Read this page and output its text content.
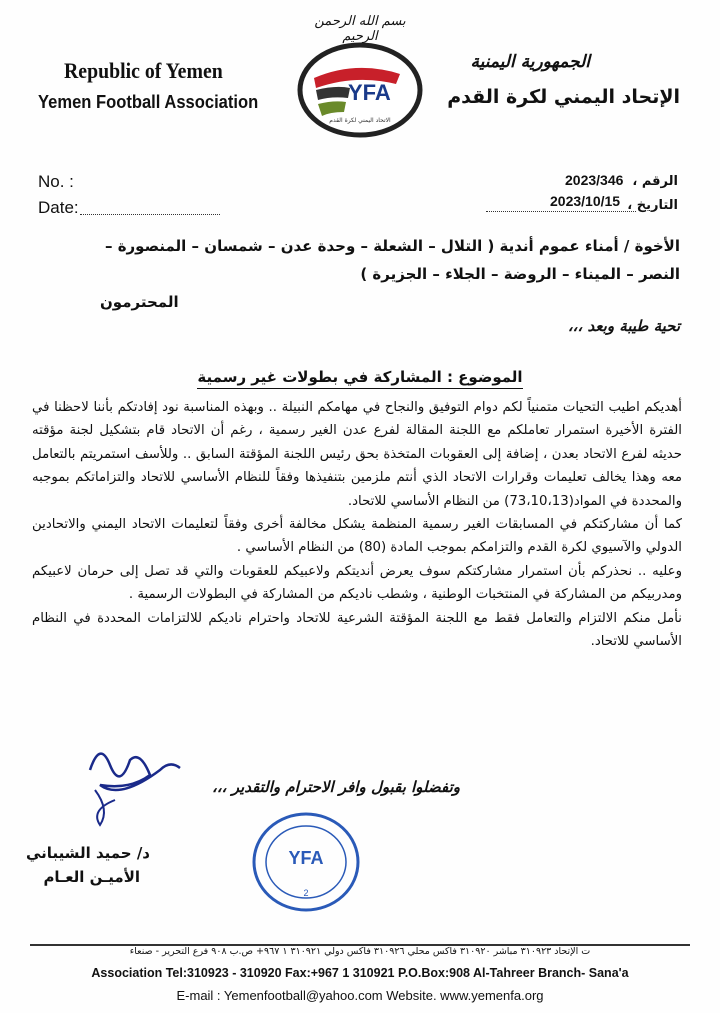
بسم الله الرحمن الرحيم
Republic of Yemen
Yemen Football Association
الجمهورية اليمنية
الإتحاد اليمني لكرة القدم
YFA
الاتحاد اليمني لكرة القدم
No. :
Date:
الرقم ،
التاريخ ،
2023/346
2023/10/15
الأخوة / أمناء عموم أندية ( التلال – الشعلة – وحدة عدن – شمسان – المنصورة –
النصر – الميناء – الروضة – الجلاء – الجزيرة )
المحترمون
تحية طيبة وبعد ،،،
الموضوع : المشاركة في بطولات غير رسمية

أهديكم اطيب التحيات متمنياً لكم دوام التوفيق والنجاح في مهامكم النبيلة .. وبهذه المناسبة نود إفادتكم بأننا لاحظنا في الفترة الأخيرة استمرار تعاملكم مع اللجنة المقالة لفرع عدن الغير رسمية ، رغم أن الاتحاد قام بتشكيل لجنة مؤقته حديثه لفرع الاتحاد بعدن ، إضافة إلى العقوبات المتخذة بحق رئيس اللجنة المؤقتة السابق .. وللأسف استمريتم بالتعامل معه وهذا يخالف تعليمات وقرارات الاتحاد الذي أنتم ملزمين بتنفيذها وفقاً للنظام الأساسي للاتحاد والتزاماتكم بموجبه والمحددة في المواد(73،10،13) من النظام الأساسي للاتحاد.

كما أن مشاركتكم في المسابقات الغير رسمية المنظمة يشكل مخالفة أخرى وفقاً لتعليمات الاتحاد اليمني والاتحادين الدولي والآسيوي لكرة القدم والتزامكم بموجب المادة (80) من النظام الأساسي .

وعليه .. نحذركم بأن استمرار مشاركتكم سوف يعرض أنديتكم ولاعبيكم للعقوبات والتي قد تصل إلى حرمان لاعبيكم ومدربيكم من المشاركة في المنتخبات الوطنية ، وشطب ناديكم من المشاركة في البطولات الرسمية .

نأمل منكم الالتزام والتعامل فقط مع اللجنة المؤقتة الشرعية للاتحاد واحترام ناديكم للالتزامات المحددة في النظام الأساسي للاتحاد.

وتفضلوا بقبول وافر الاحترام والتقدير ،،،
د/ حميد الشيباني
الأميـن العـام
YFA
2
ت الإتحاد ٣١٠٩٢٣ مباشر ٣١٠٩٢٠ فاكس محلي ٣١٠٩٢٦ فاكس دولي ٣١٠٩٢١ ١ ٩٦٧+ ص.ب ٩٠٨ فرع التحرير - صنعاء
Association Tel:310923 - 310920 Fax:+967 1 310921 P.O.Box:908 Al-Tahreer Branch- Sana'a
E-mail : Yemenfootball@yahoo.com Website. www.yemenfa.org
